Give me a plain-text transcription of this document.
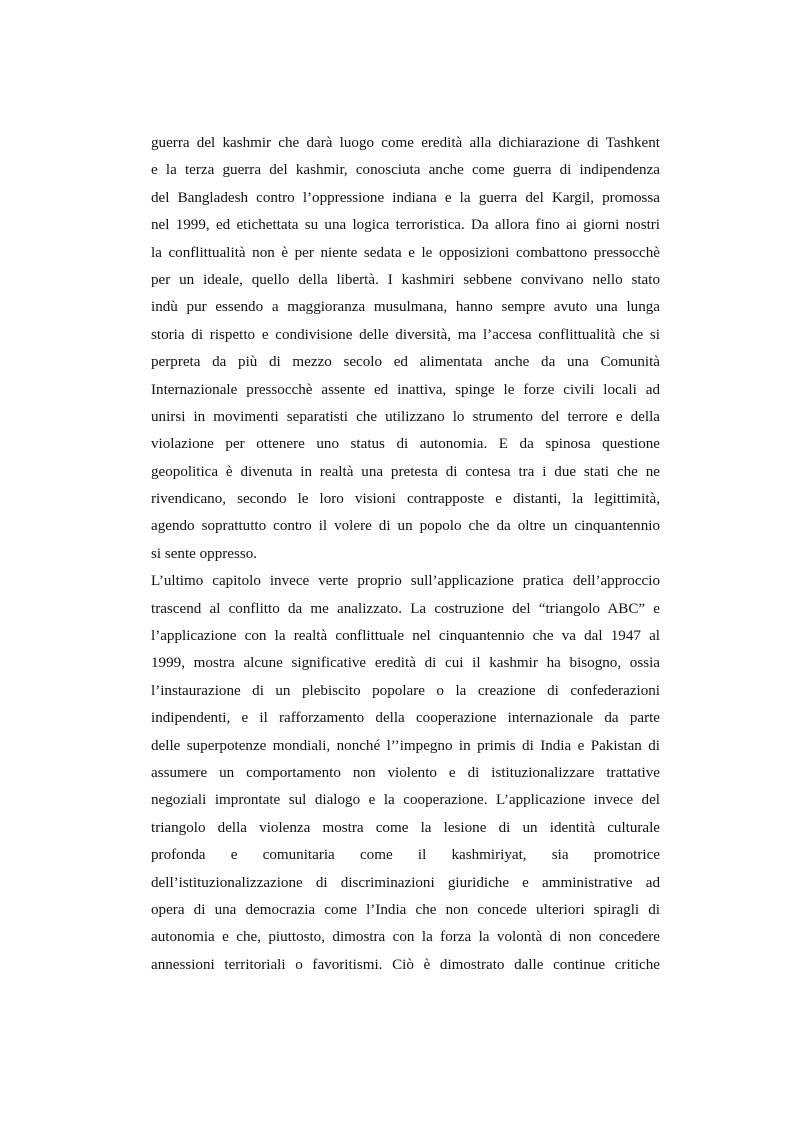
guerra del kashmir che darà luogo come eredità alla dichiarazione di Tashkent
e la terza guerra del kashmir, conosciuta anche come guerra di indipendenza
del Bangladesh contro l’oppressione indiana e la guerra del Kargil, promossa
nel 1999, ed etichettata su una logica terroristica. Da allora fino ai giorni nostri
la conflittualità non è per niente sedata e le opposizioni combattono pressocchè
per un ideale, quello della libertà. I kashmiri sebbene convivano nello stato
indù pur essendo a maggioranza musulmana, hanno sempre avuto una lunga
storia di rispetto e condivisione delle diversità, ma l’accesa conflittualità che si
perpreta da più di mezzo secolo ed alimentata anche da una Comunità
Internazionale pressocchè assente ed inattiva, spinge le forze civili locali ad
unirsi in movimenti separatisti che utilizzano lo strumento del terrore e della
violazione per ottenere uno status di autonomia. E da spinosa questione
geopolitica è divenuta in realtà una pretesta di contesa tra i due stati che ne
rivendicano, secondo le loro visioni contrapposte e distanti, la legittimità,
agendo soprattutto contro il volere di un popolo che da oltre un cinquantennio
si sente oppresso.
L’ultimo capitolo invece verte proprio sull’applicazione pratica dell’approccio
trascend al conflitto da me analizzato. La costruzione del “triangolo ABC” e
l’applicazione con la realtà conflittuale nel cinquantennio che va dal 1947 al
1999, mostra alcune significative eredità di cui il kashmir ha bisogno, ossia
l’instaurazione di un plebiscito popolare o la creazione di confederazioni
indipendenti, e il rafforzamento della cooperazione internazionale da parte
delle superpotenze mondiali, nonché l’’impegno in primis di India e Pakistan di
assumere un comportamento non violento e di istituzionalizzare trattative
negoziali improntate sul dialogo e la cooperazione. L’applicazione invece del
triangolo della violenza mostra come la lesione di un identità culturale
profonda e comunitaria come il kashmiriyat, sia promotrice
dell’istituzionalizzazione di discriminazioni giuridiche e amministrative ad
opera di una democrazia come l’India che non concede ulteriori spiragli di
autonomia e che, piuttosto, dimostra con la forza la volontà di non concedere
annessioni territoriali o favoritismi. Ciò è dimostrato dalle continue critiche
